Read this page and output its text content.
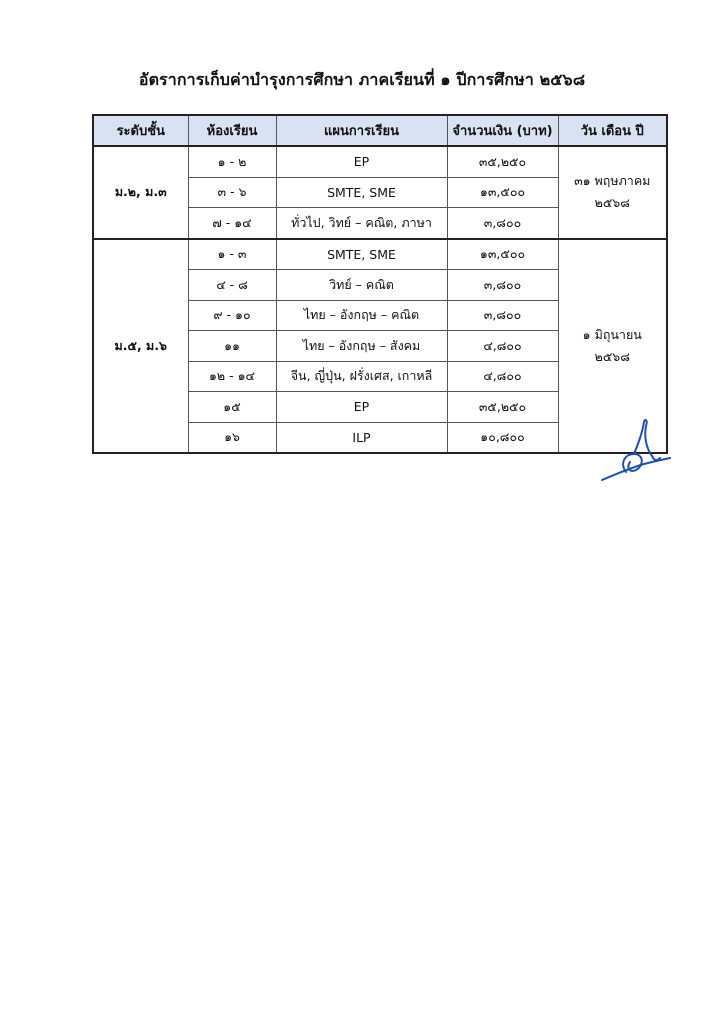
อัตราการเก็บค่าบำรุงการศึกษา ภาคเรียนที่ ๑ ปีการศึกษา ๒๕๖๘
ระดับชั้น	ห้องเรียน	แผนการเรียน	จำนวนเงิน (บาท)	วัน เดือน ปี
ม.๒, ม.๓	๑ - ๒	EP	๓๕,๒๕๐	๓๑ พฤษภาคม
๒๕๖๘

	๓ - ๖	SMTE, SME	๑๓,๕๐๐	
	๗ - ๑๔	ทั่วไป, วิทย์ – คณิต, ภาษา	๓,๘๐๐	
ม.๕, ม.๖	๑ - ๓	SMTE, SME	๑๓,๕๐๐	๑ มิถุนายน
๒๕๖๘

	๔ - ๘	วิทย์ – คณิต	๓,๘๐๐	
	๙ - ๑๐	ไทย – อังกฤษ – คณิต	๓,๘๐๐	
	๑๑	ไทย – อังกฤษ – สังคม	๔,๘๐๐	
	๑๒ - ๑๔	จีน, ญี่ปุ่น, ฝรั่งเศส, เกาหลี	๔,๘๐๐	
	๑๕	EP	๓๕,๒๕๐	
	๑๖	ILP	๑๐,๘๐๐	
